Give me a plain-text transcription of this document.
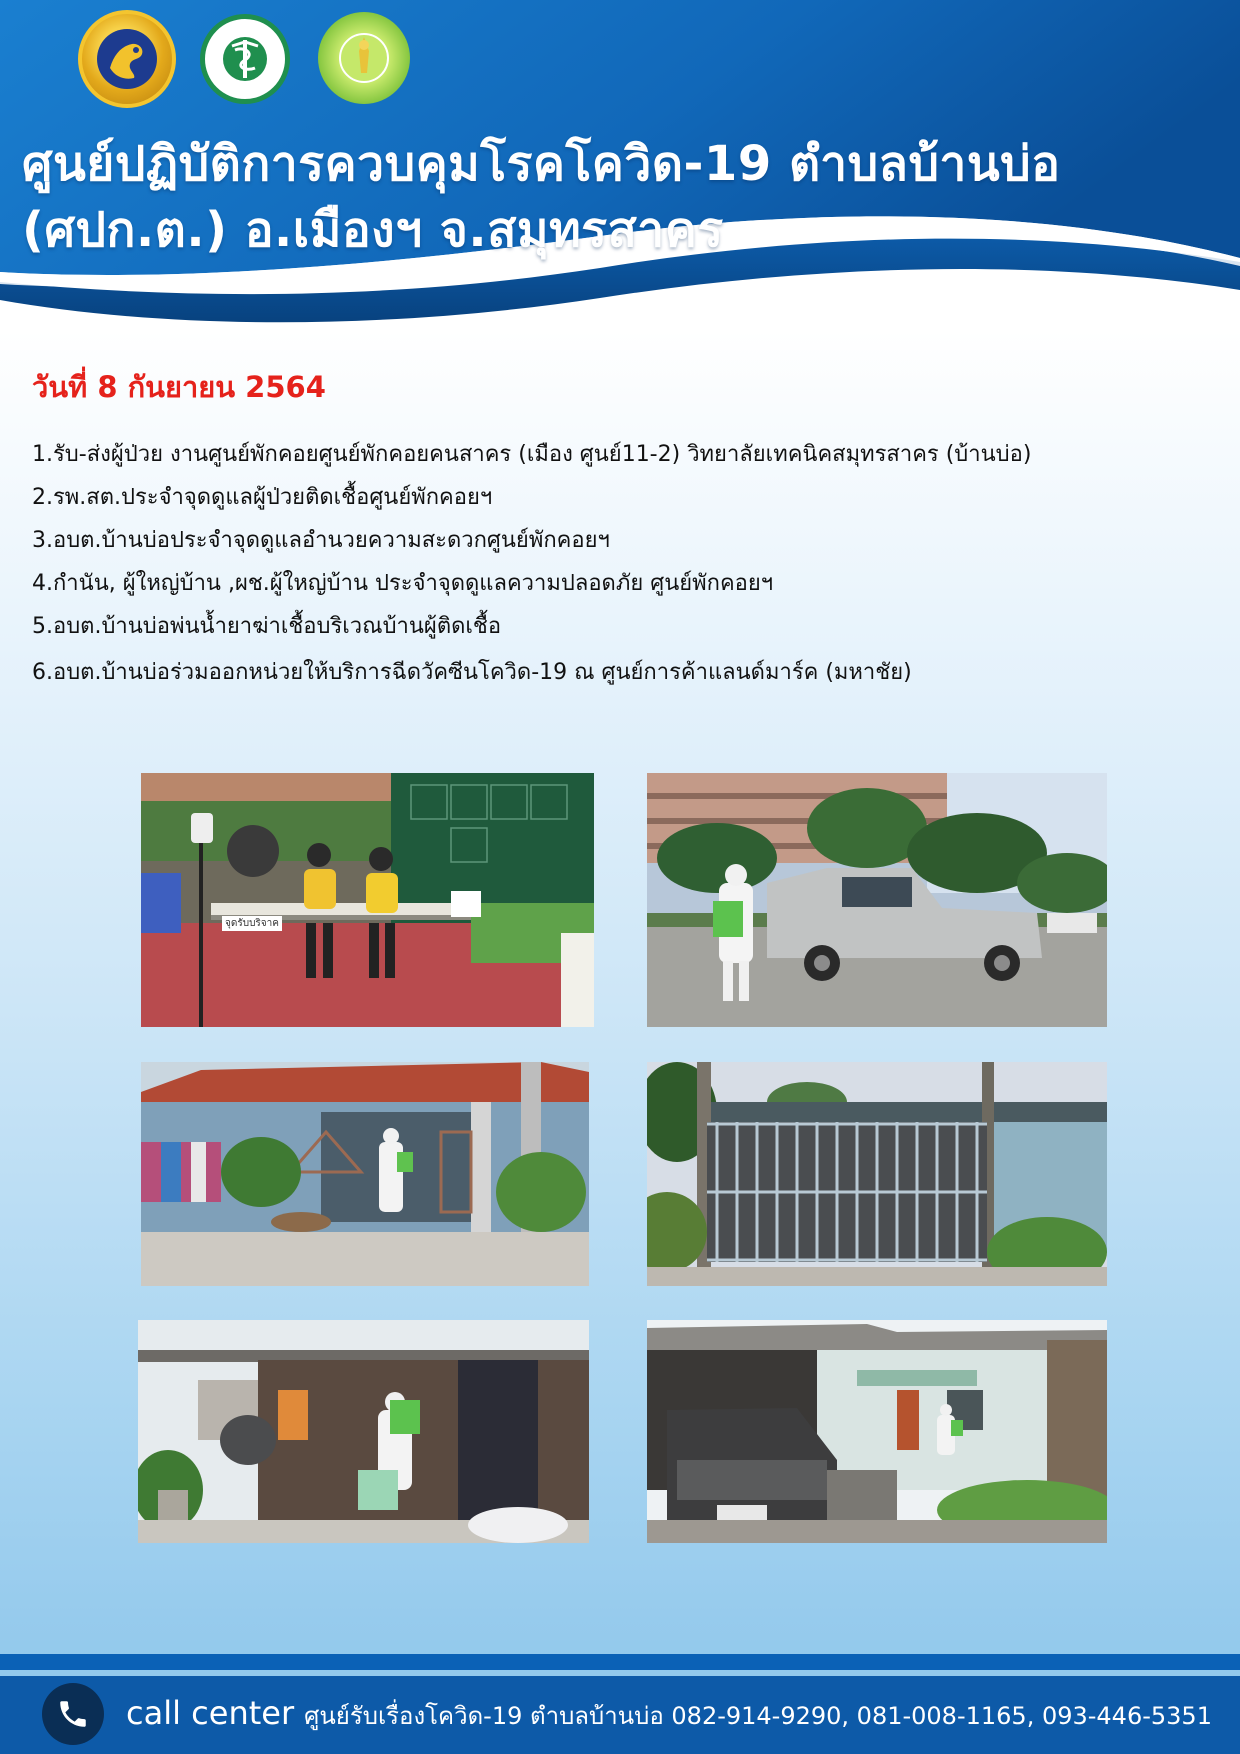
ศูนย์ปฏิบัติการควบคุมโรคโควิด-19 ตำบลบ้านบ่อ
(ศปก.ต.) อ.เมืองฯ จ.สมุทรสาคร
วันที่ 8 กันยายน 2564
1.รับ-ส่งผู้ป่วย งานศูนย์พักคอยศูนย์พักคอยคนสาคร (เมือง ศูนย์11-2) วิทยาลัยเทคนิคสมุทรสาคร (บ้านบ่อ)
2.รพ.สต.ประจำจุดดูแลผู้ป่วยติดเชื้อศูนย์พักคอยฯ
3.อบต.บ้านบ่อประจำจุดดูแลอำนวยความสะดวกศูนย์พักคอยฯ
4.กำนัน, ผู้ใหญ่บ้าน ,ผช.ผู้ใหญ่บ้าน ประจำจุดดูแลความปลอดภัย ศูนย์พักคอยฯ
5.อบต.บ้านบ่อพ่นน้ำยาฆ่าเชื้อบริเวณบ้านผู้ติดเชื้อ
6.อบต.บ้านบ่อร่วมออกหน่วยให้บริการฉีดวัคซีนโควิด-19 ณ ศูนย์การค้าแลนด์มาร์ค (มหาชัย)
call center ศูนย์รับเรื่องโควิด-19 ตำบลบ้านบ่อ 082-914-9290, 081-008-1165, 093-446-5351
จุดรับบริจาค
